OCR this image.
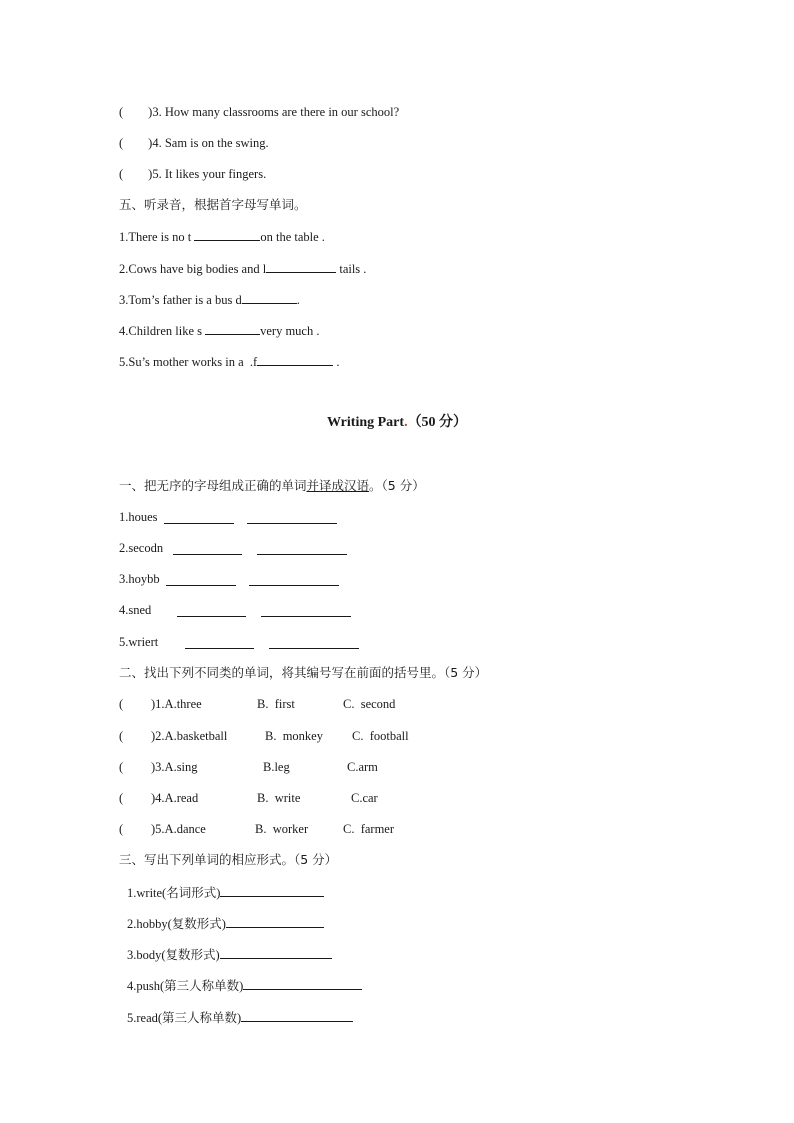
( )3. How many classrooms are there in our school?
( )4. Sam is on the swing.
( )5. It likes your fingers.
五、听录音，根据首字母写单词。
1.There is no t	on the table .
2.Cows have big bodies and l	tails .
3.Tom’s father is a bus d	.
4.Children like s	very much .
5.Su’s mother works in a  .f	.
Writing Part.（50 分）
一、把无序的字母组成正确的单词并译成汉语。（5 分）
1.houes
2.secodn
3.hoybb
4.sned
5.wriert
二、找出下列不同类的单词，将其编号写在前面的括号里。（5 分）
( )1.A.three	B.  first	C.  second
( )2.A.basketball	B.  monkey C.  football
( )3.A.sing	B.leg	C.arm
( )4.A.read	B.  write	C.car
( )5.A.dance	B.  worker	C.  farmer
三、写出下列单词的相应形式。（5 分）
1.write(名词形式)
2.hobby(复数形式)
3.body(复数形式)
4.push(第三人称单数)
5.read(第三人称单数)
